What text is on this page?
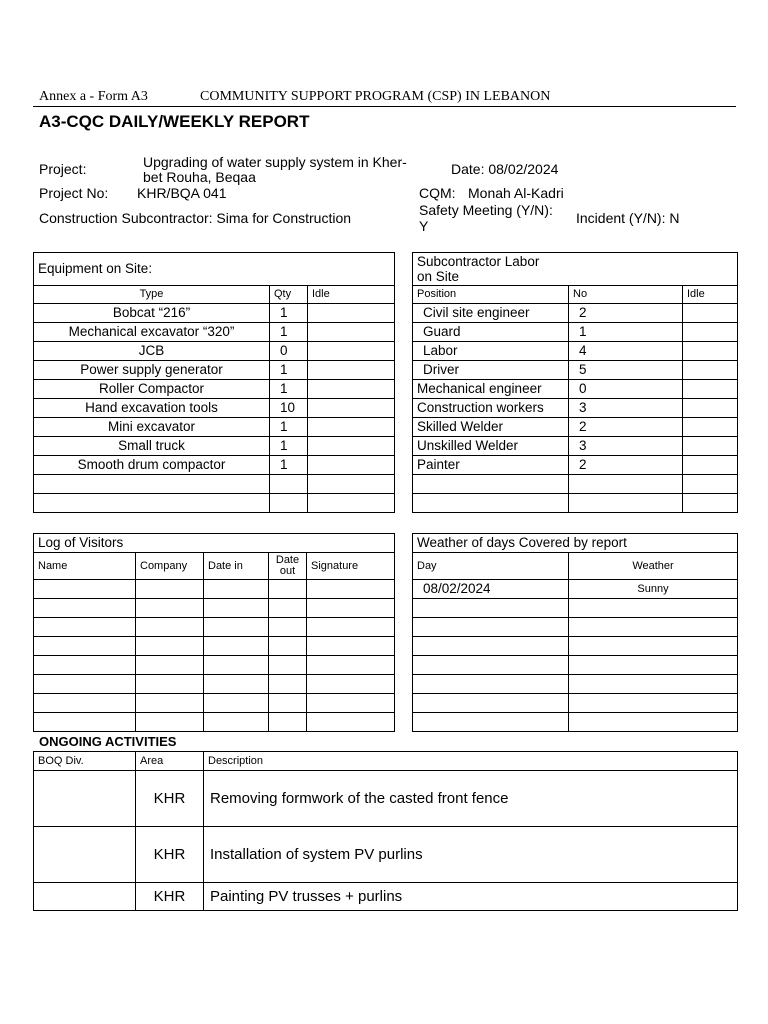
Annex a - Form A3	COMMUNITY SUPPORT PROGRAM (CSP) IN LEBANON
A3-CQC DAILY/WEEKLY REPORT
Project:	Upgrading of water supply system in Kher-
bet Rouha, Beqaa	Date: 08/02/2024
Project No: KHR/BQA 041	CQM: Monah Al-Kadri
Construction Subcontractor: Sima for Construction	Safety Meeting (Y/N):
Y	Incident (Y/N): N
Equipment on Site:		
Type	Qty	Idle
Bobcat “216”	1	
Mechanical excavator “320”	1	
JCB	0	
Power supply generator	1	
Roller Compactor	1	
Hand excavation tools	10	
Mini excavator	1	
Small truck	1	
Smooth drum compactor	1	

Subcontractor Labor
on Site		
Position	No	Idle
Civil site engineer	2	
Guard	1	
Labor	4	
Driver	5	
Mechanical engineer	0	
Construction workers	3	
Skilled Welder	2	
Unskilled Welder	3	
Painter	2	

Log of Visitors				
Name	Company	Date in	Date out	Signature

Weather of days Covered by report	
Day	Weather
08/02/2024	Sunny

ONGOING ACTIVITIES
BOQ Div.	Area	Description
	KHR	Removing formwork of the casted front fence
	KHR	Installation of system PV purlins
	KHR	Painting PV trusses + purlins
